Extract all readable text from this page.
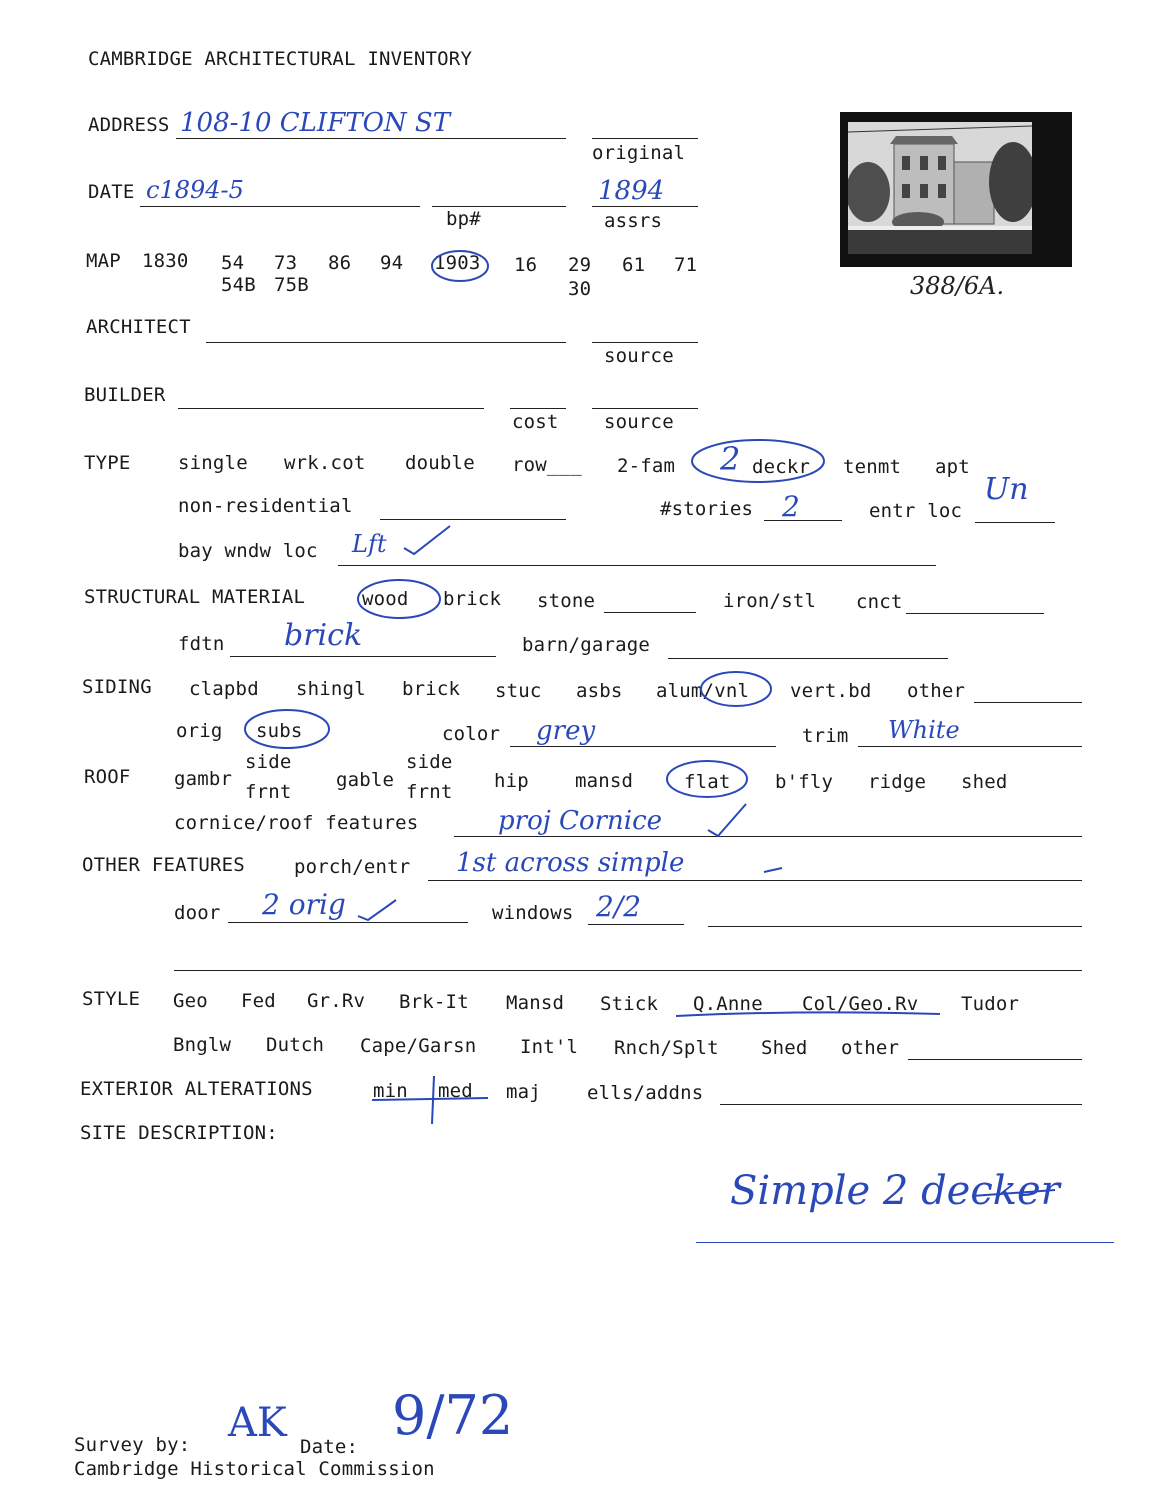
CAMBRIDGE ARCHITECTURAL INVENTORY
388/6A.
ADDRESS 108-10 CLIFTON ST
original
DATE c1894-5
bp#
1894
assrs
MAP 1830 54 73 86 94 1903 16 29 61 71
54B 75B	30
ARCHITECT
source
BUILDER
cost source
TYPE single wrk.cot double row___ 2-fam 2 deckr tenmt apt
non-residential	#stories 2	entr loc
Un
bay wndw loc Lft
STRUCTURAL MATERIAL	wood brick stone	iron/stl cnct
fdtn brick	barn/garage
SIDING clapbd shingl brick stuc asbs alum/vnl vert.bd other
orig subs	color grey	trim White
ROOF gambr
side
frnt
gable
side
frnt hip mansd	flat b'fly ridge shed
cornice/roof features	proj Cornice
OTHER FEATURES	porch/entr 1st across simple
door 2 orig	windows 2/2
STYLE Geo Fed Gr.Rv Brk-It Mansd Stick Q.Anne Col/Geo.Rv Tudor
Bnglw Dutch Cape/Garsn Int'l Rnch/Splt Shed other
EXTERIOR ALTERATIONS	min med maj ells/addns
SITE DESCRIPTION:
Simple 2 decker
Survey by: AK
Date: 9/72
Cambridge Historical Commission
